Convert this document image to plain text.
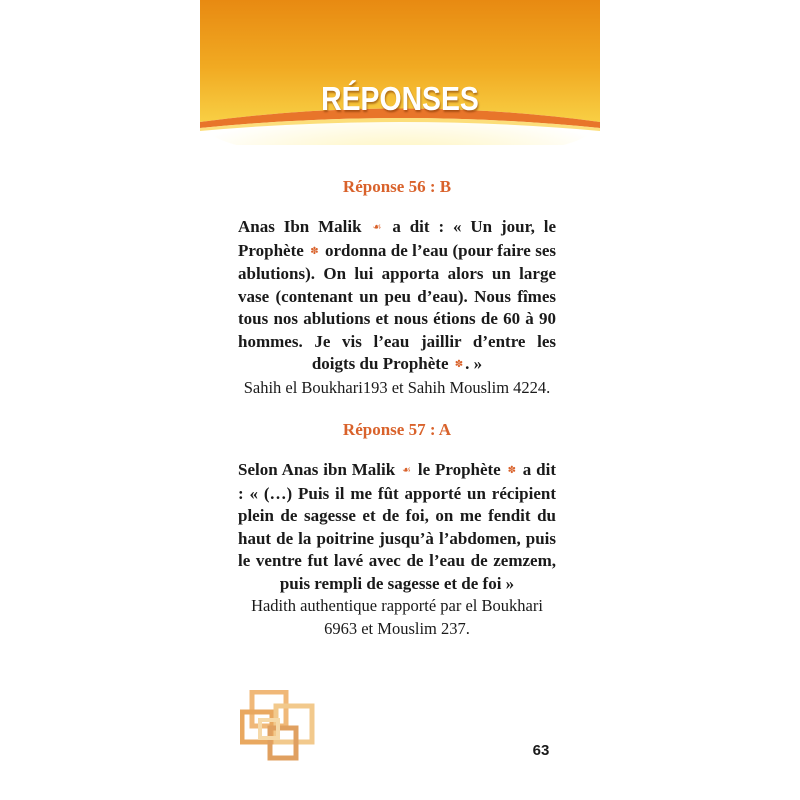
RÉPONSES
Réponse 56 : B

Anas Ibn Malik ☙ a dit : « Un jour, le Prophète ✽ ordonna de l’eau (pour faire ses ablutions). On lui apporta alors un large vase (contenant un peu d’eau). Nous fîmes tous nos ablutions et nous étions de 60 à 90 hommes. Je vis l’eau jaillir d’entre les doigts du Prophète ✽ . »

Sahih el Boukhari193 et Sahih Mouslim 4224.

Réponse 57 : A

Selon Anas ibn Malik ☙ le Prophète ✽ a dit : « (…) Puis il me fût apporté un récipient plein de sagesse et de foi, on me fendit du haut de la poitrine jusqu’à l’abdomen, puis le ventre fut lavé avec de l’eau de zemzem, puis rempli de sagesse et de foi »

Hadith authentique rapporté par el Boukhari 6963 et Mouslim 237.

63
